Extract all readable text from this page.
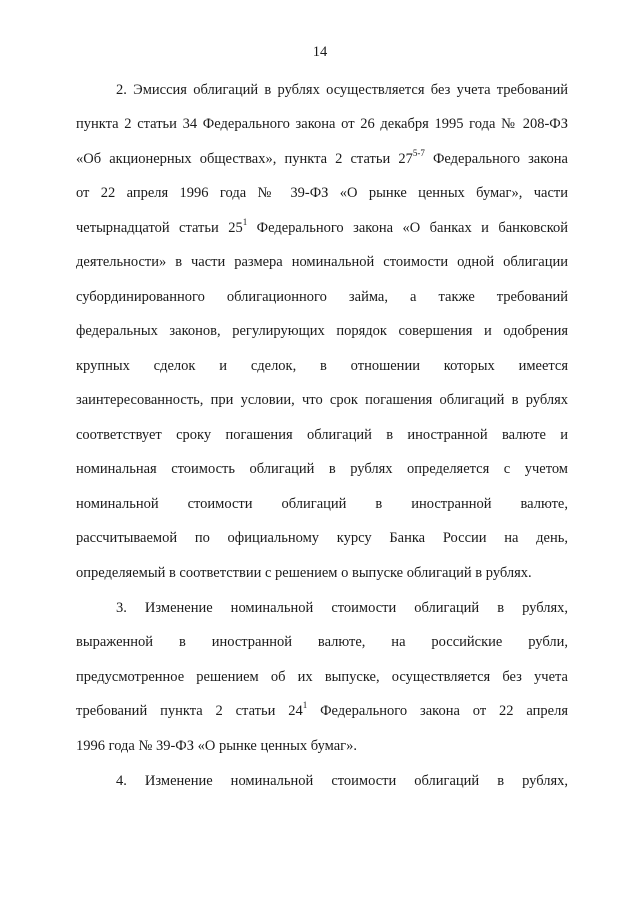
14
2. Эмиссия облигаций в рублях осуществляется без учета требований
пункта 2 статьи 34 Федерального закона от 26 декабря 1995 года № 208-ФЗ
«Об акционерных обществах», пункта 2 статьи 27$^{5-7}$ Федерального закона
от 22 апреля 1996 года № 39-ФЗ «О рынке ценных бумаг», части
четырнадцатой статьи $25^1$ Федерального закона «О банках и банковской
деятельности» в части размера номинальной стоимости одной облигации
субординированного облигационного займа, а также требований
федеральных законов, регулирующих порядок совершения и одобрения
крупных сделок и сделок, в отношении которых имеется
заинтересованность, при условии, что срок погашения облигаций в рублях
соответствует сроку погашения облигаций в иностранной валюте и
номинальная стоимость облигаций в рублях определяется с учетом
номинальной стоимости облигаций в иностранной валюте,
рассчитываемой по официальному курсу Банка России на день,
определяемый в соответствии с решением о выпуске облигаций в рублях.
3. Изменение номинальной стоимости облигаций в рублях,
выраженной в иностранной валюте, на российские рубли,
предусмотренное решением об их выпуске, осуществляется без учета
требований пункта 2 статьи $24^1$ Федерального закона от 22 апреля
1996 года № 39-ФЗ «О рынке ценных бумаг».
4. Изменение номинальной стоимости облигаций в рублях,
